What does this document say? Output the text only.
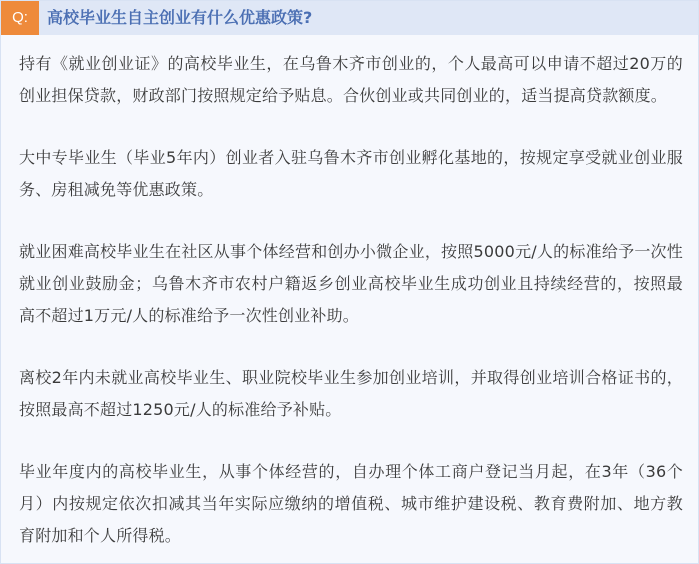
Q:	高校毕业生自主创业有什么优惠政策?

持有《就业创业证》的高校毕业生，在乌鲁木齐市创业的，个人最高可以申请不超过20万的创业担保贷款，财政部门按照规定给予贴息。合伙创业或共同创业的，适当提高贷款额度。

大中专毕业生（毕业5年内）创业者入驻乌鲁木齐市创业孵化基地的，按规定享受就业创业服务、房租减免等优惠政策。

就业困难高校毕业生在社区从事个体经营和创办小微企业，按照5000元/人的标准给予一次性就业创业鼓励金；乌鲁木齐市农村户籍返乡创业高校毕业生成功创业且持续经营的，按照最高不超过1万元/人的标准给予一次性创业补助。

离校2年内未就业高校毕业生、职业院校毕业生参加创业培训，并取得创业培训合格证书的，按照最高不超过1250元/人的标准给予补贴。

毕业年度内的高校毕业生，从事个体经营的，自办理个体工商户登记当月起，在3年（36个月）内按规定依次扣减其当年实际应缴纳的增值税、城市维护建设税、教育费附加、地方教育附加和个人所得税。
